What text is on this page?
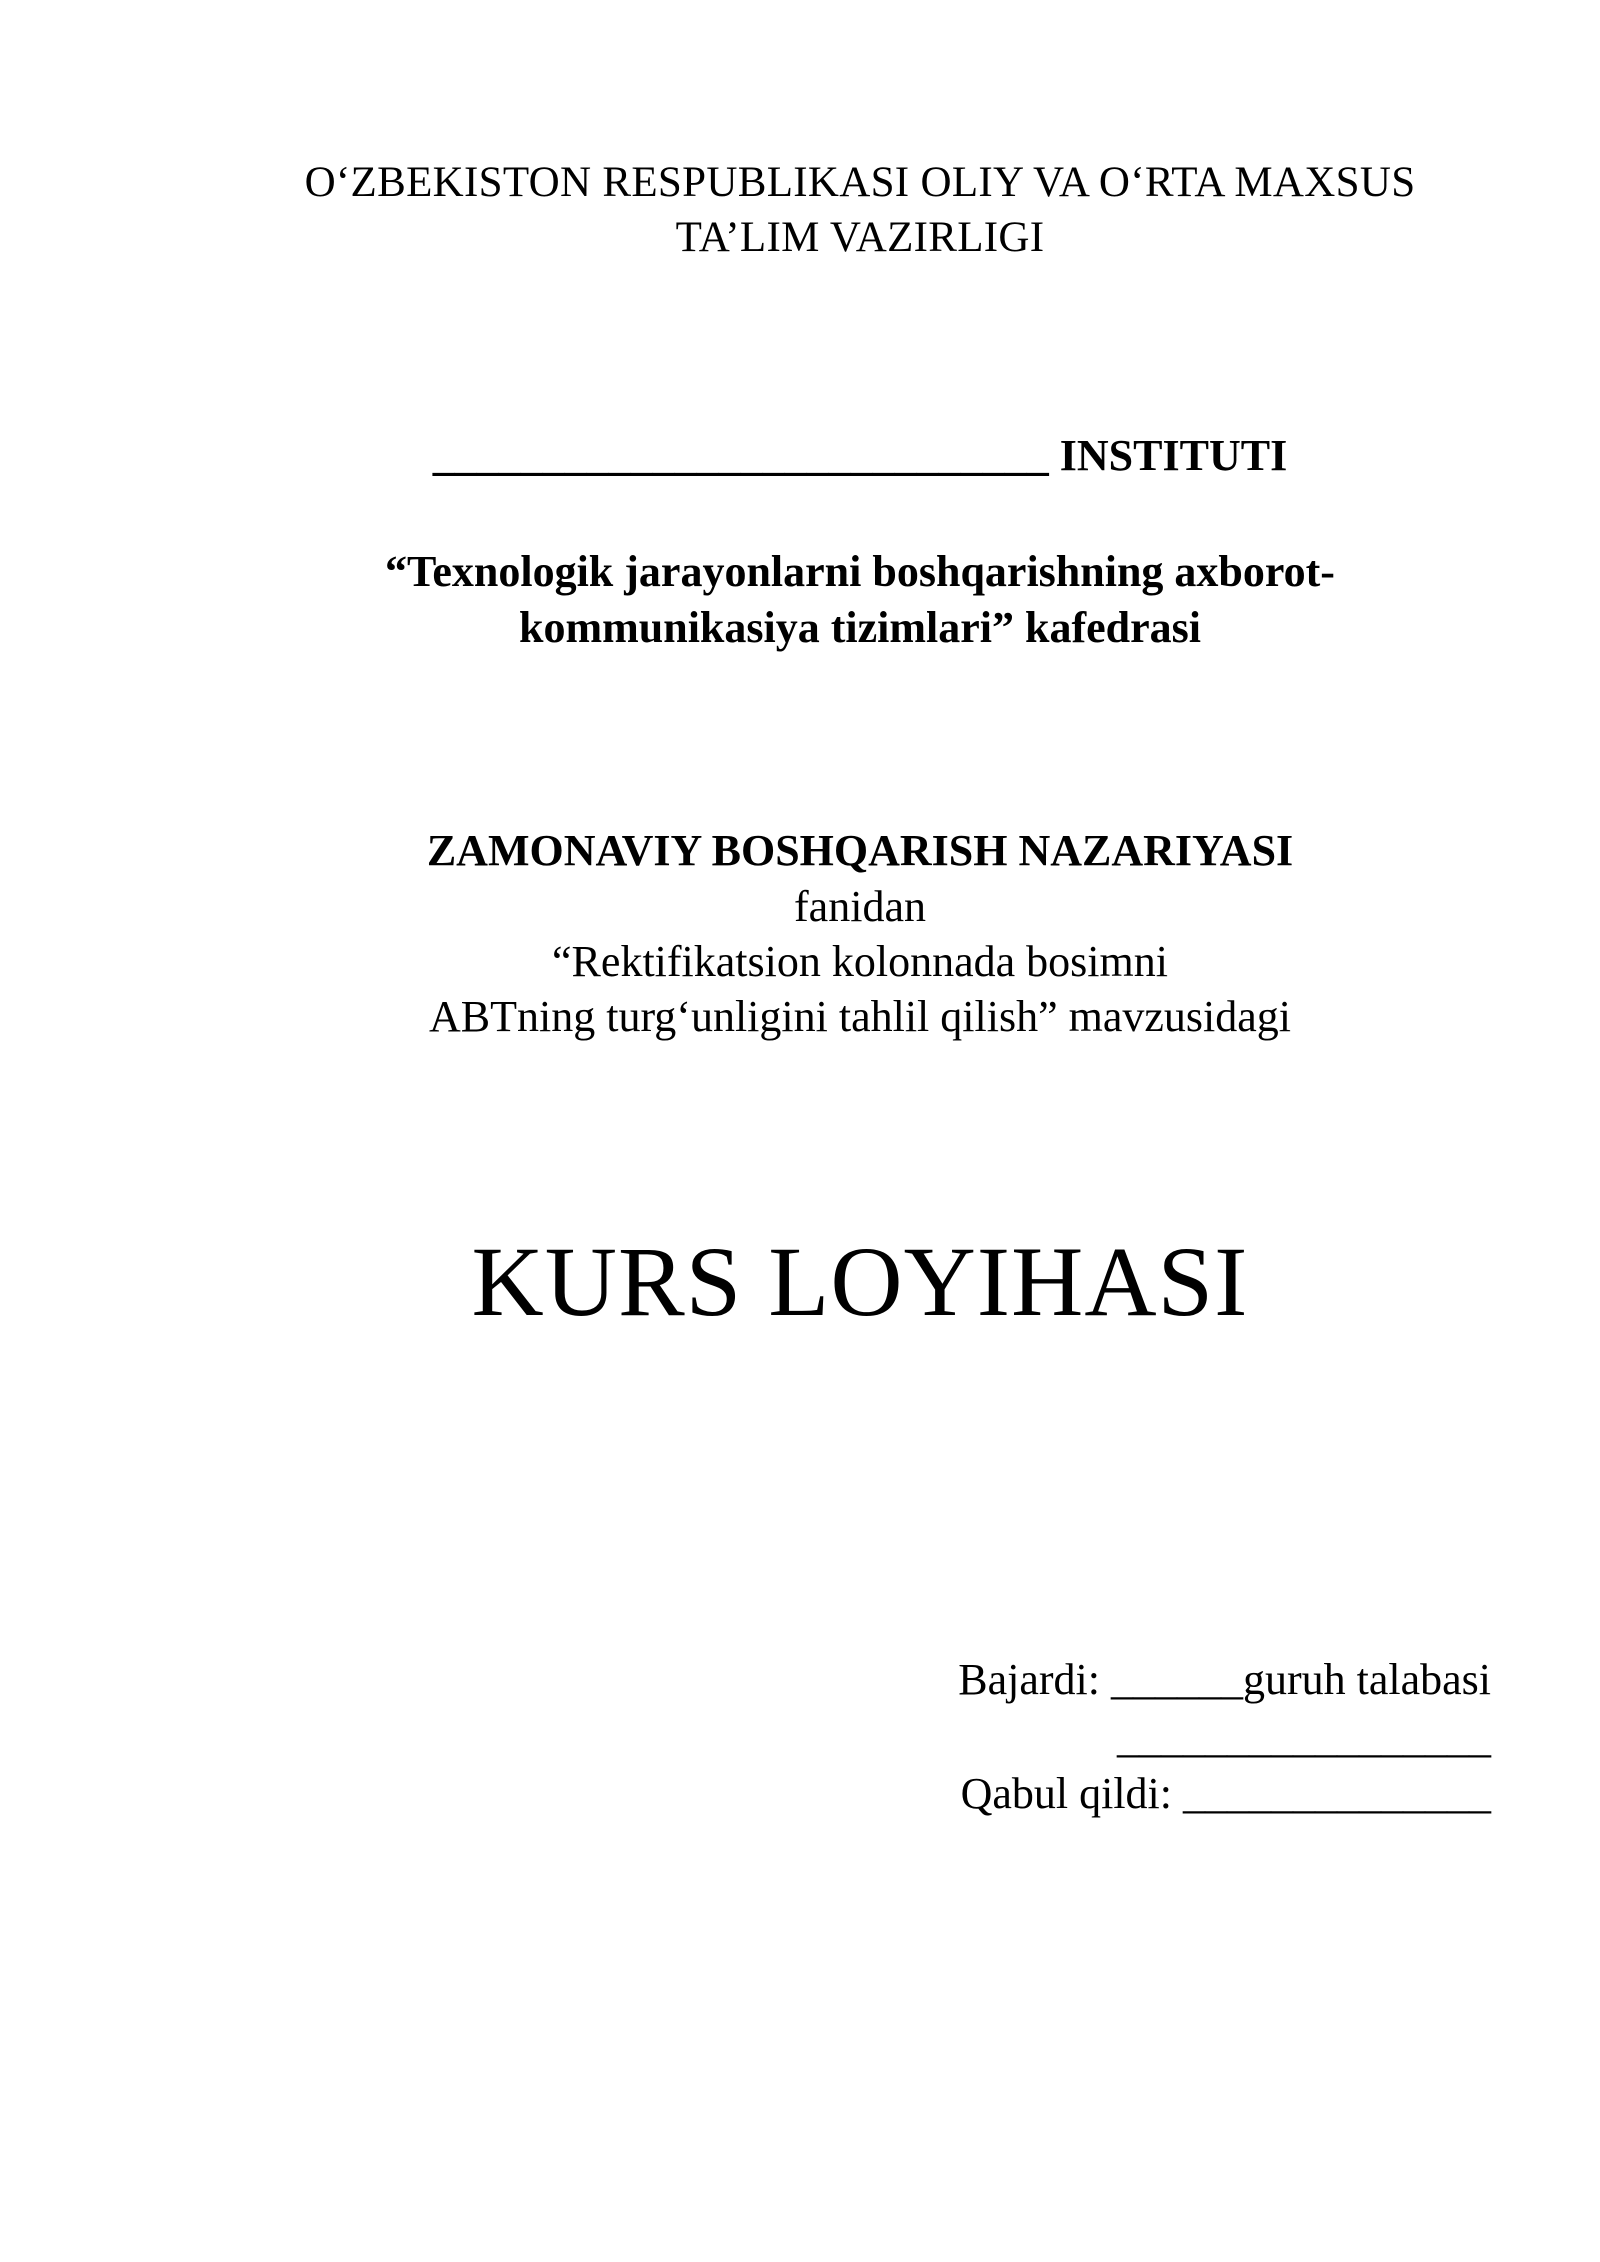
O‘ZBEKISTON RESPUBLIKASI OLIY VA O‘RTA MAXSUS
TA’LIM VAZIRLIGI
____________________________ INSTITUTI
“Texnologik jarayonlarni boshqarishning axborot-
kommunikasiya tizimlari” kafedrasi
ZAMONAVIY BOSHQARISH NAZARIYASI
fanidan
“Rektifikatsion kolonnada bosimni
ABTning turg‘unligini tahlil qilish” mavzusidagi
KURS LOYIHASI
Bajardi: ______guruh talabasi
_________________
Qabul qildi: ______________
